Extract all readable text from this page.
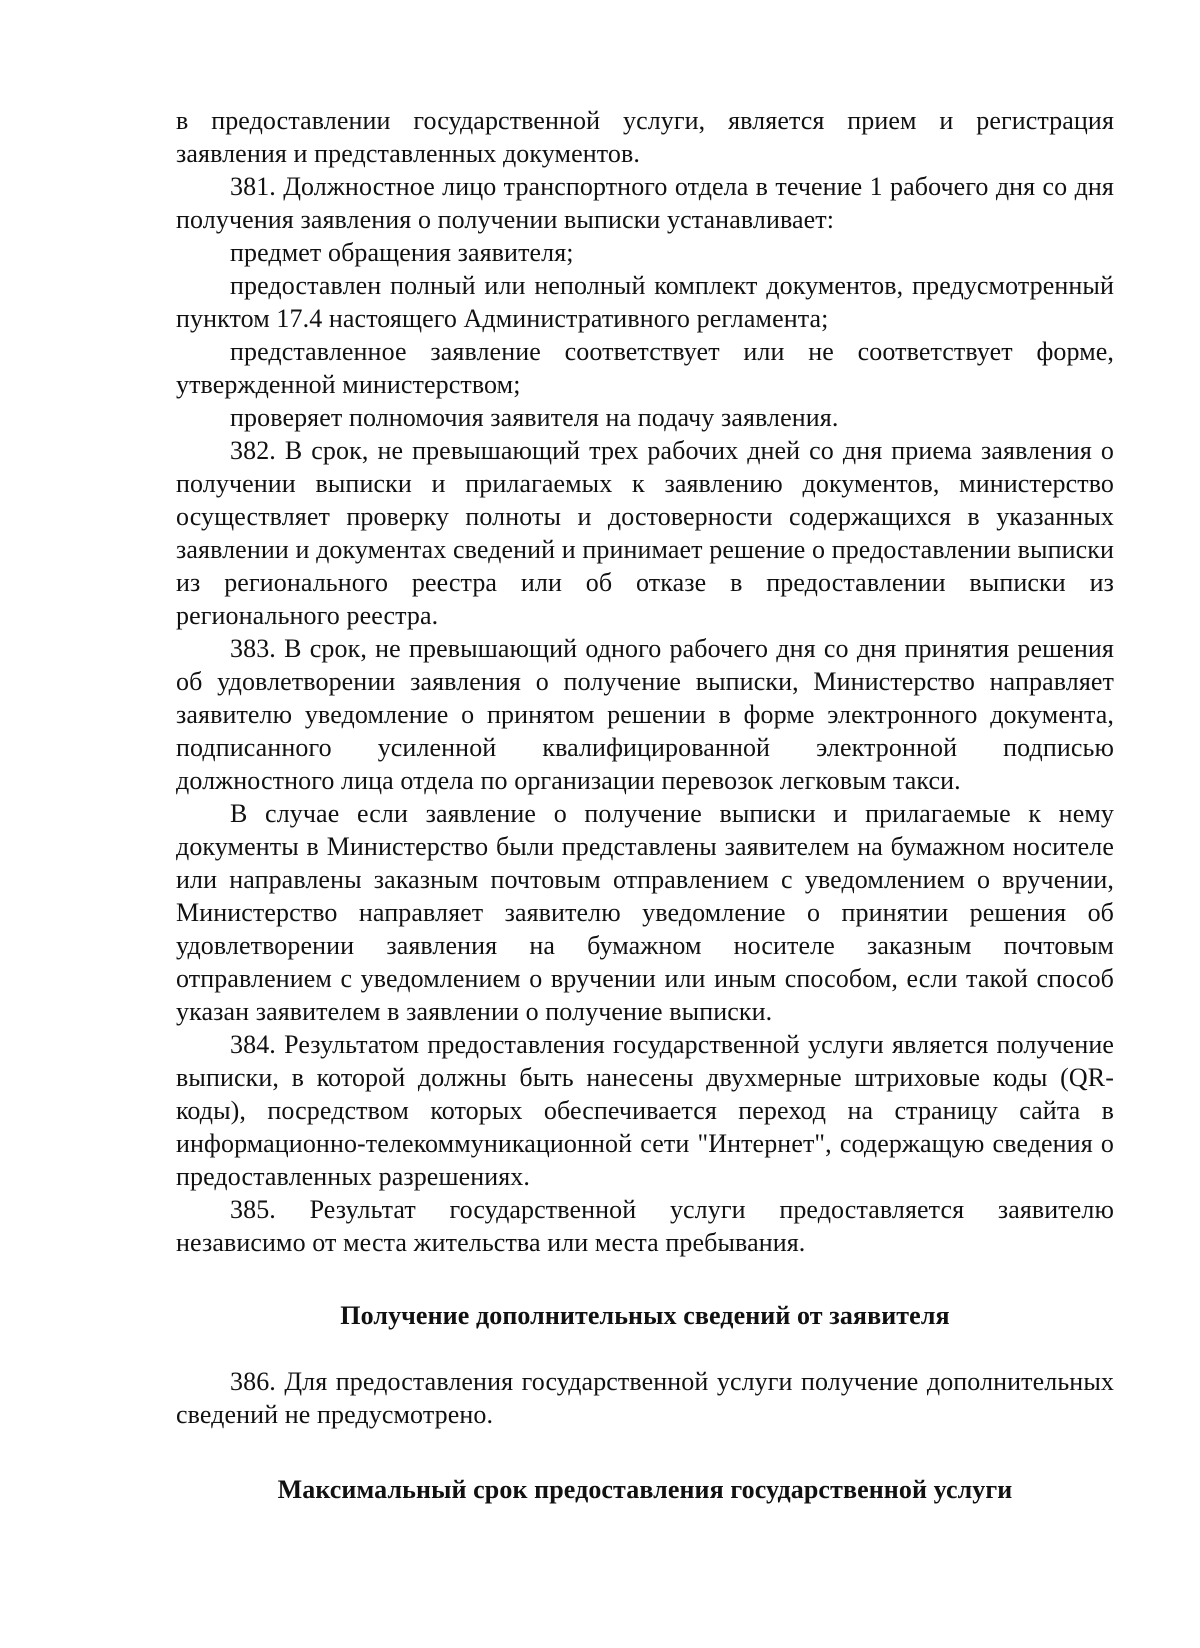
в предоставлении государственной услуги, является прием и регистрация заявления и представленных документов.

381. Должностное лицо транспортного отдела в течение 1 рабочего дня со дня получения заявления о получении выписки устанавливает:

предмет обращения заявителя;

предоставлен полный или неполный комплект документов, предусмотренный пунктом 17.4 настоящего Административного регламента;

представленное заявление соответствует или не соответствует форме, утвержденной министерством;

проверяет полномочия заявителя на подачу заявления.

382. В срок, не превышающий трех рабочих дней со дня приема заявления о получении выписки и прилагаемых к заявлению документов, министерство осуществляет проверку полноты и достоверности содержащихся в указанных заявлении и документах сведений и принимает решение о предоставлении выписки из регионального реестра или об отказе в предоставлении выписки из регионального реестра.

383. В срок, не превышающий одного рабочего дня со дня принятия решения об удовлетворении заявления о получение выписки, Министерство направляет заявителю уведомление о принятом решении в форме электронного документа, подписанного усиленной квалифицированной электронной подписью должностного лица отдела по организации перевозок легковым такси.

В случае если заявление о получение выписки и прилагаемые к нему документы в Министерство были представлены заявителем на бумажном носителе или направлены заказным почтовым отправлением с уведомлением о вручении, Министерство направляет заявителю уведомление о принятии решения об удовлетворении заявления на бумажном носителе заказным почтовым отправлением с уведомлением о вручении или иным способом, если такой способ указан заявителем в заявлении о получение выписки.

384. Результатом предоставления государственной услуги является получение выписки, в которой должны быть нанесены двухмерные штриховые коды (QR-коды), посредством которых обеспечивается переход на страницу сайта в информационно-телекоммуникационной сети "Интернет", содержащую сведения о предоставленных разрешениях.

385. Результат государственной услуги предоставляется заявителю независимо от места жительства или места пребывания.

Получение дополнительных сведений от заявителя

386. Для предоставления государственной услуги получение дополнительных сведений не предусмотрено.

Максимальный срок предоставления государственной услуги
